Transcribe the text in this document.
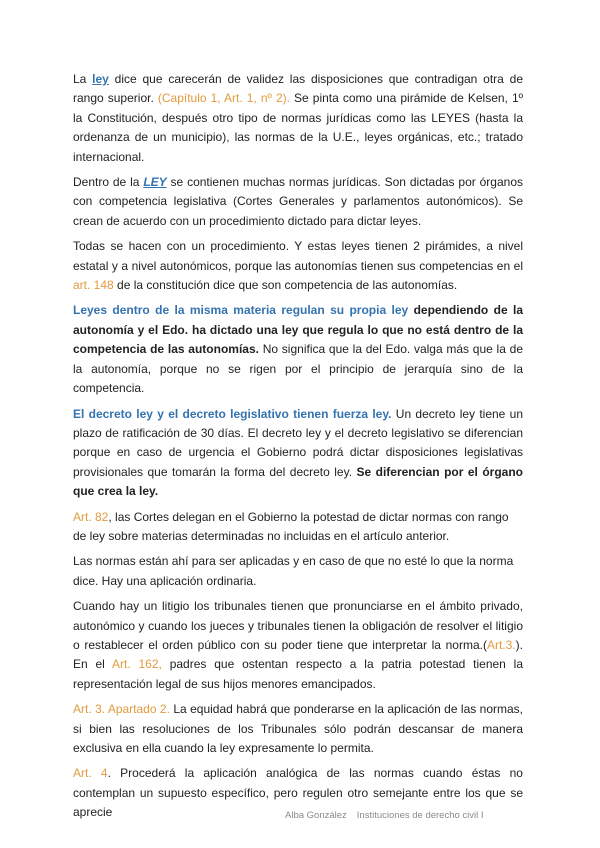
La ley dice que carecerán de validez las disposiciones que contradigan otra de rango superior. (Capítulo 1, Art. 1, nº 2). Se pinta como una pirámide de Kelsen, 1º la Constitución, después otro tipo de normas jurídicas como las LEYES (hasta la ordenanza de un municipio), las normas de la U.E., leyes orgánicas, etc.; tratado internacional.

Dentro de la LEY se contienen muchas normas jurídicas. Son dictadas por órganos con competencia legislativa (Cortes Generales y parlamentos autonómicos). Se crean de acuerdo con un procedimiento dictado para dictar leyes.

Todas se hacen con un procedimiento. Y estas leyes tienen 2 pirámides, a nivel estatal y a nivel autonómicos, porque las autonomías tienen sus competencias en el art. 148 de la constitución dice que son competencia de las autonomías.

Leyes dentro de la misma materia regulan su propia ley dependiendo de la autonomía y el Edo. ha dictado una ley que regula lo que no está dentro de la competencia de las autonomías. No significa que la del Edo. valga más que la de la autonomía, porque no se rigen por el principio de jerarquía sino de la competencia.

El decreto ley y el decreto legislativo tienen fuerza ley. Un decreto ley tiene un plazo de ratificación de 30 días. El decreto ley y el decreto legislativo se diferencian porque en caso de urgencia el Gobierno podrá dictar disposiciones legislativas provisionales que tomarán la forma del decreto ley. Se diferencian por el órgano que crea la ley.

Art. 82, las Cortes delegan en el Gobierno la potestad de dictar normas con rango de ley sobre materias determinadas no incluidas en el artículo anterior.

Las normas están ahí para ser aplicadas y en caso de que no esté lo que la norma dice. Hay una aplicación ordinaria.

Cuando hay un litigio los tribunales tienen que pronunciarse en el ámbito privado, autonómico y cuando los jueces y tribunales tienen la obligación de resolver el litigio o restablecer el orden público con su poder tiene que interpretar la norma.(Art.3.). En el Art. 162, padres que ostentan respecto a la patria potestad tienen la representación legal de sus hijos menores emancipados.

Art. 3. Apartado 2. La equidad habrá que ponderarse en la aplicación de las normas, si bien las resoluciones de los Tribunales sólo podrán descansar de manera exclusiva en ella cuando la ley expresamente lo permita.

Art. 4. Procederá la aplicación analógica de las normas cuando éstas no contemplan un supuesto específico, pero regulen otro semejante entre los que se aprecie	Alba González Instituciones de derecho civil I
